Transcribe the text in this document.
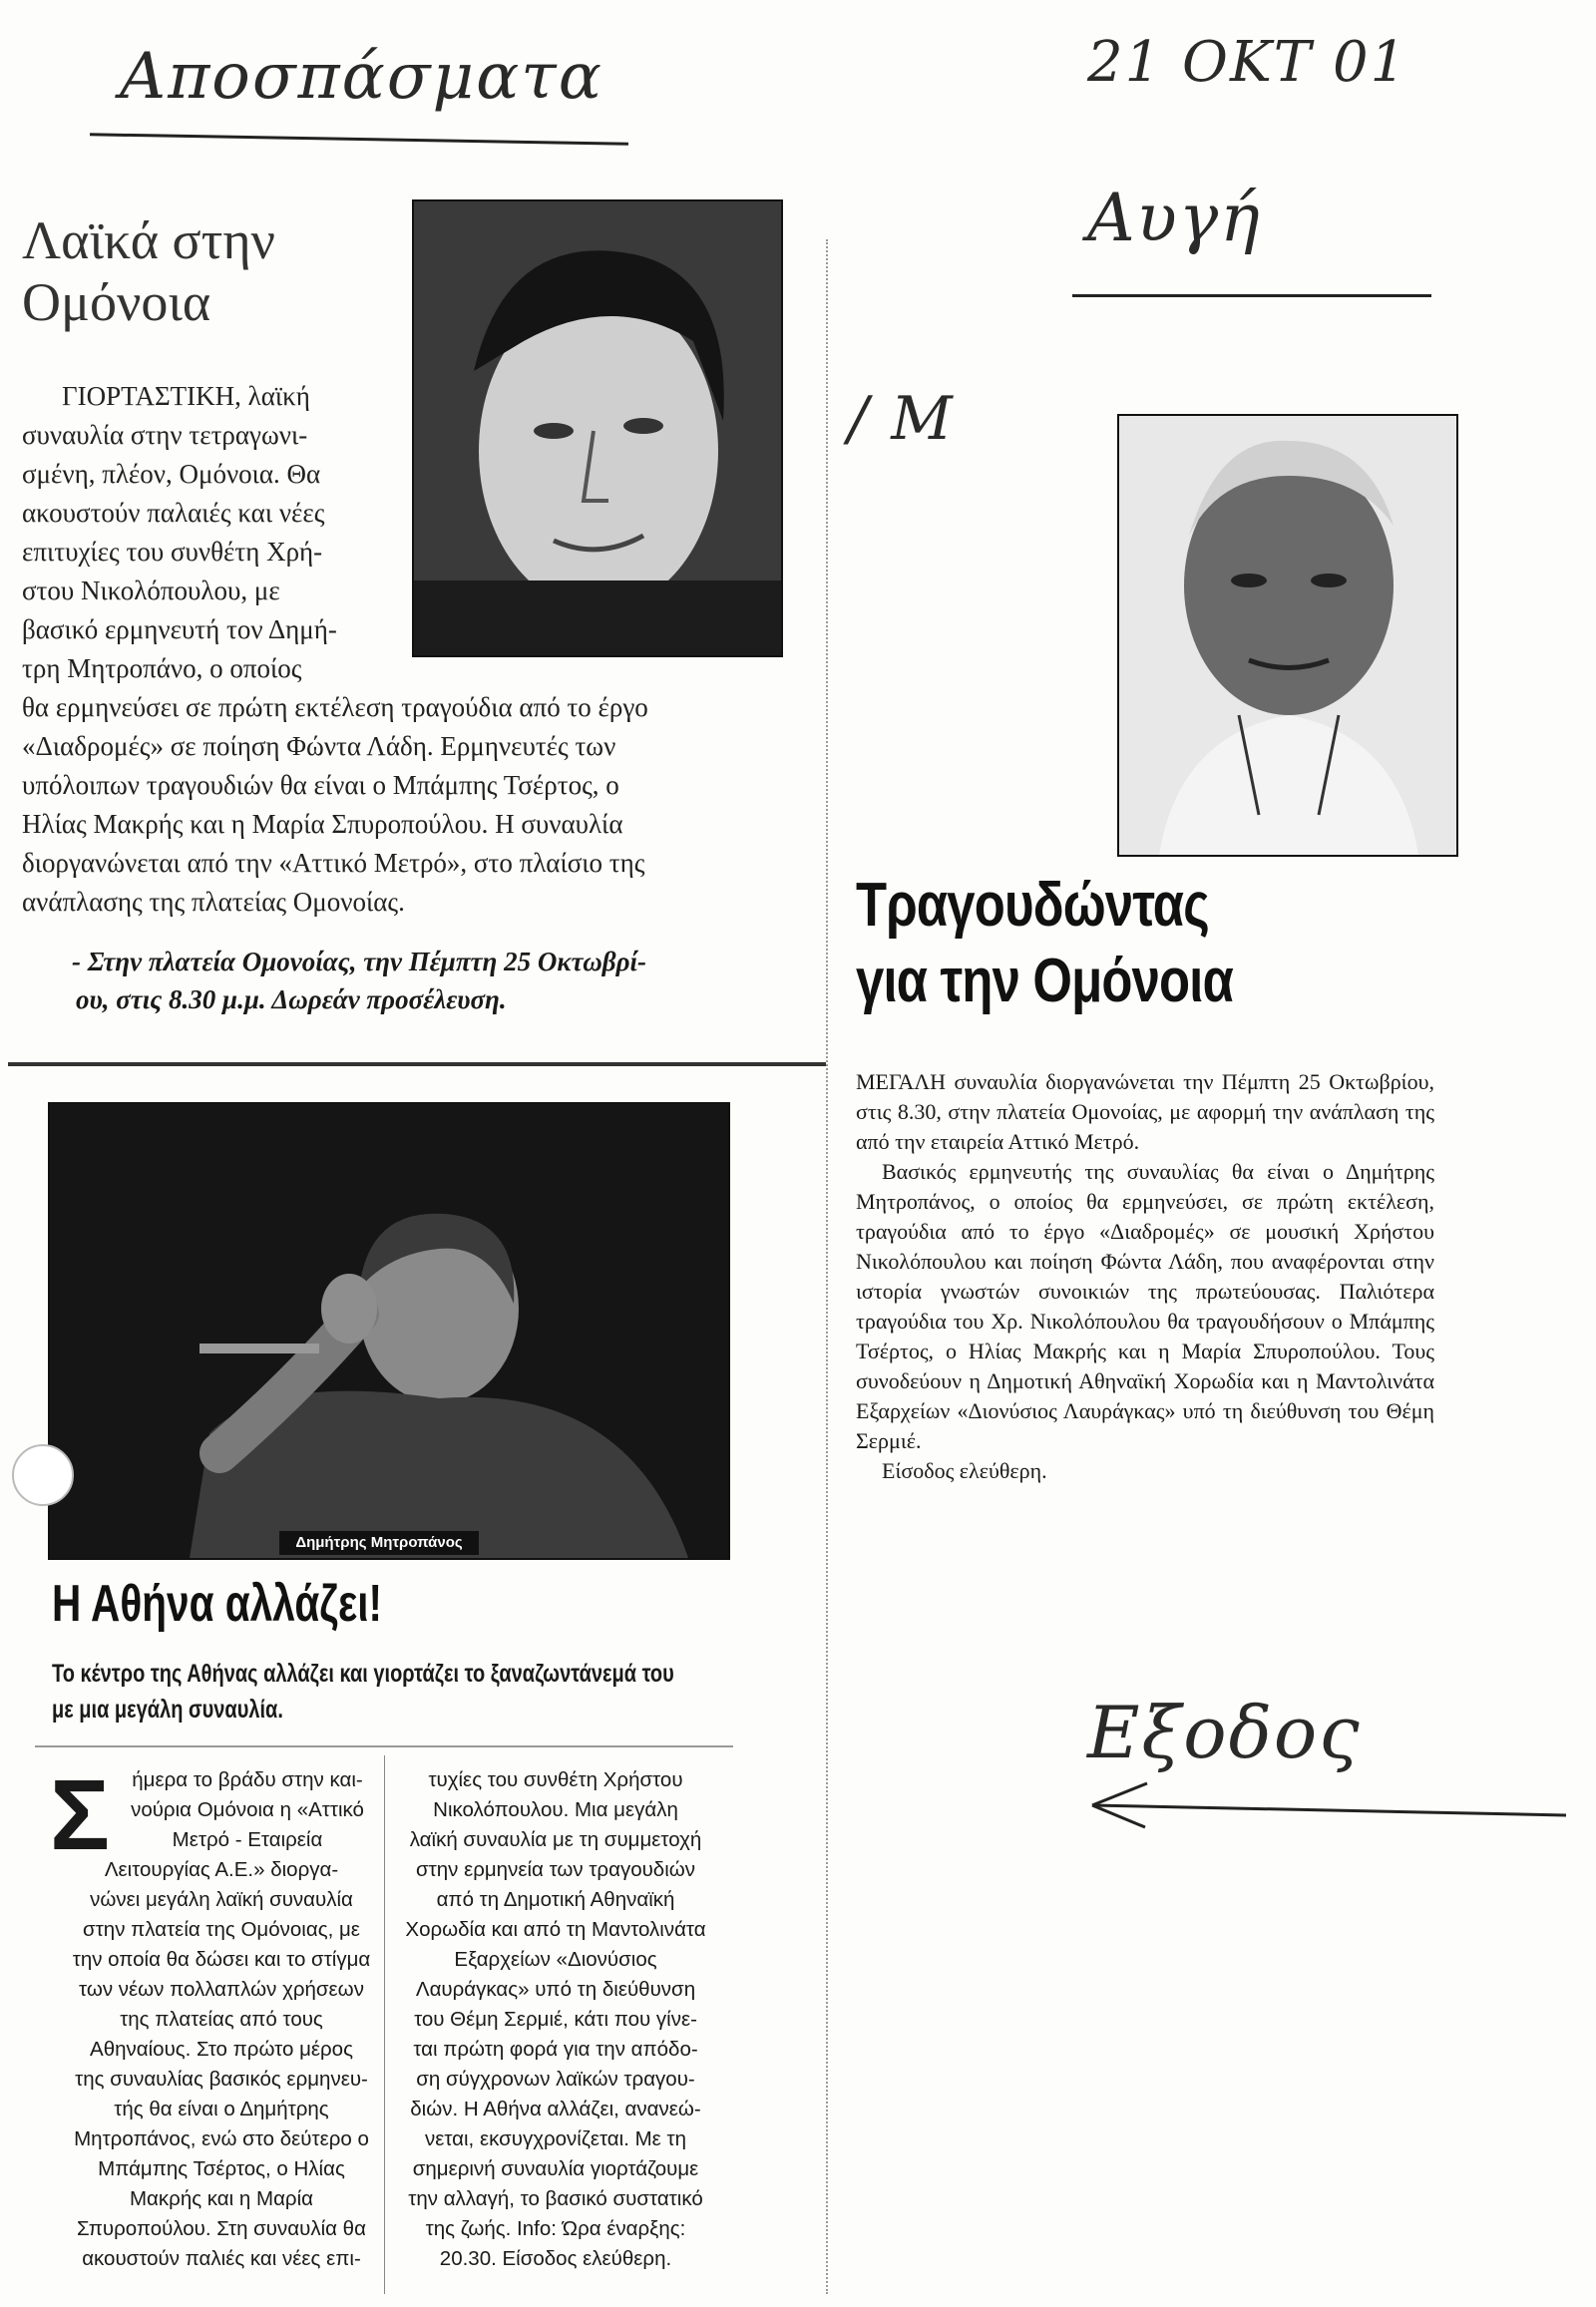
Αποσπάσματα	21 ΟΚΤ 01
Αυγή
/ Μ
Εξοδος
Λαϊκά στην
Ομόνοια
ΓΙΟΡΤΑΣΤΙΚΗ, λαϊκή
συναυλία στην τετραγωνι-
σμένη, πλέον, Ομόνοια. Θα
ακουστούν παλαιές και νέες
επιτυχίες του συνθέτη Χρή-
στου Νικολόπουλου, με
βασικό ερμηνευτή τον Δημή-
τρη Μητροπάνο, ο οποίος
θα ερμηνεύσει σε πρώτη εκτέλεση τραγούδια από το έργο
«Διαδρομές» σε ποίηση Φώντα Λάδη. Ερμηνευτές των
υπόλοιπων τραγουδιών θα είναι ο Μπάμπης Τσέρτος, ο
Ηλίας Μακρής και η Μαρία Σπυροπούλου. Η συναυλία
διοργανώνεται από την «Αττικό Μετρό», στο πλαίσιο της
ανάπλασης της πλατείας Ομονοίας.
- Στην πλατεία Ομονοίας, την Πέμπτη 25 Οκτωβρί-
ου, στις 8.30 μ.μ. Δωρεάν προσέλευση.
Τραγουδώντας
για την Ομόνοια

ΜΕΓΑΛΗ συναυλία διοργανώνεται την Πέμπτη 25 Οκτωβρίου, στις 8.30, στην πλατεία Ομονοίας, με αφορμή την ανάπλαση της από την εταιρεία Αττικό Μετρό.

Βασικός ερμηνευτής της συναυλίας θα είναι ο Δημήτρης Μητροπάνος, ο οποίος θα ερμηνεύσει, σε πρώτη εκτέλεση, τραγούδια από το έργο «Διαδρομές» σε μουσική Χρήστου Νικολόπουλου και ποίηση Φώντα Λάδη, που αναφέρονται στην ιστορία γνωστών συνοικιών της πρωτεύουσας. Παλιότερα τραγούδια του Χρ. Νικολόπουλου θα τραγουδήσουν ο Μπάμπης Τσέρτος, ο Ηλίας Μακρής και η Μαρία Σπυροπούλου. Τους συνοδεύουν η Δημοτική Αθηναϊκή Χορωδία και η Μαντολινάτα Εξαρχείων «Διονύσιος Λαυράγκας» υπό τη διεύθυνση του Θέμη Σερμιέ.

Είσοδος ελεύθερη.

Δημήτρης Μητροπάνος
Η Αθήνα αλλάζει!
Το κέντρο της Αθήνας αλλάζει και γιορτάζει το ξαναζωντάνεμά του
με μια μεγάλη συναυλία.
Σ	ήμερα το βράδυ στην και-
νούρια Ομόνοια η «Αττικό
Μετρό - Εταιρεία
Λειτουργίας Α.Ε.» διοργα-
νώνει μεγάλη λαϊκή συναυλία
στην πλατεία της Ομόνοιας, με
την οποία θα δώσει και το στίγμα
των νέων πολλαπλών χρήσεων
της πλατείας από τους
Αθηναίους. Στο πρώτο μέρος
της συναυλίας βασικός ερμηνευ-
τής θα είναι ο Δημήτρης
Μητροπάνος, ενώ στο δεύτερο ο
Μπάμπης Τσέρτος, ο Ηλίας
Μακρής και η Μαρία
Σπυροπούλου. Στη συναυλία θα
ακουστούν παλιές και νέες επι-
τυχίες του συνθέτη Χρήστου
Νικολόπουλου. Μια μεγάλη
λαϊκή συναυλία με τη συμμετοχή
στην ερμηνεία των τραγουδιών
από τη Δημοτική Αθηναϊκή
Χορωδία και από τη Μαντολινάτα
Εξαρχείων «Διονύσιος
Λαυράγκας» υπό τη διεύθυνση
του Θέμη Σερμιέ, κάτι που γίνε-
ται πρώτη φορά για την απόδο-
ση σύγχρονων λαϊκών τραγου-
διών. Η Αθήνα αλλάζει, ανανεώ-
νεται, εκσυγχρονίζεται. Με τη
σημερινή συναυλία γιορτάζουμε
την αλλαγή, το βασικό συστατικό
της ζωής. Info: Ώρα έναρξης:
20.30. Είσοδος ελεύθερη.
